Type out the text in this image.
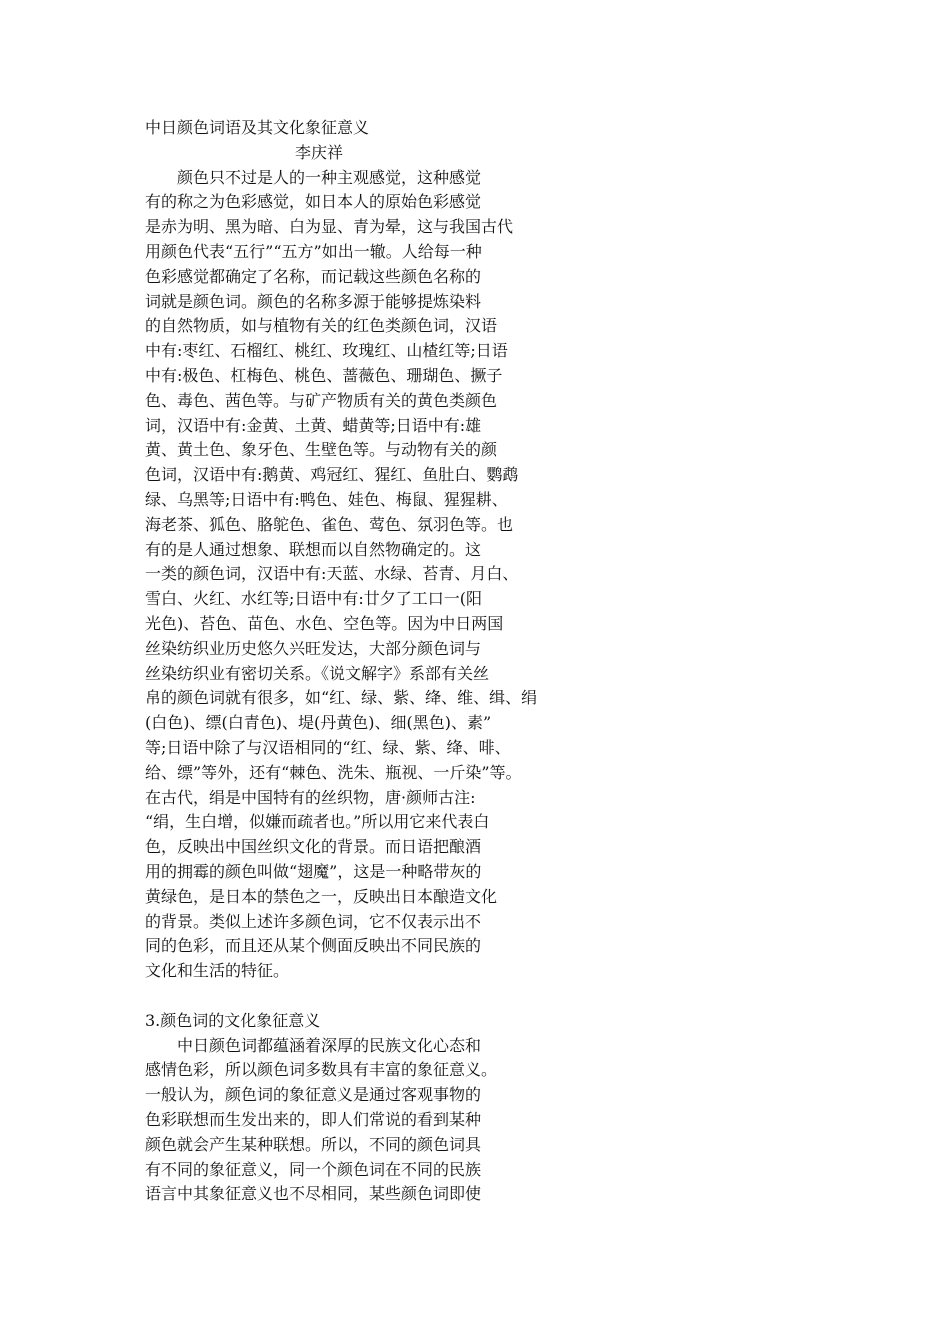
中日颜色词语及其文化象征意义
李庆祥
颜色只不过是人的一种主观感觉，这种感觉
有的称之为色彩感觉，如日本人的原始色彩感觉
是赤为明、黑为暗、白为显、青为晕，这与我国古代
用颜色代表“五行”“五方”如出一辙。人给每一种
色彩感觉都确定了名称，而记载这些颜色名称的
词就是颜色词。颜色的名称多源于能够提炼染料
的自然物质，如与植物有关的红色类颜色词，汉语
中有:枣红、石榴红、桃红、玫瑰红、山楂红等;日语
中有:极色、杠梅色、桃色、蔷薇色、珊瑚色、撅子
色、毒色、茜色等。与矿产物质有关的黄色类颜色
词，汉语中有:金黄、土黄、蜡黄等;日语中有:雄
黄、黄土色、象牙色、生壁色等。与动物有关的颜
色词，汉语中有:鹅黄、鸡冠红、猩红、鱼肚白、鹦鹉
绿、乌黑等;日语中有:鸭色、娃色、梅鼠、猩猩耕、
海老茶、狐色、胳鸵色、雀色、莺色、氛羽色等。也
有的是人通过想象、联想而以自然物确定的。这
一类的颜色词，汉语中有:天蓝、水绿、苔青、月白、
雪白、火红、水红等;日语中有:廿夕了工口一(阳
光色)、苔色、苗色、水色、空色等。因为中日两国
丝染纺织业历史悠久兴旺发达，大部分颜色词与
丝染纺织业有密切关系。《说文解字》系部有关丝
帛的颜色词就有很多，如“红、绿、紫、绛、维、缉、绢
(白色)、缥(白青色)、堤(丹黄色)、细(黑色)、素”
等;日语中除了与汉语相同的“红、绿、紫、绛、啡、
给、缥”等外，还有“棘色、洗朱、瓶视、一斤染”等。
在古代，绢是中国特有的丝织物，唐·颜师古注:
“绢，生白增，似嫌而疏者也。”所以用它来代表白
色，反映出中国丝织文化的背景。而日语把酿酒
用的拥霉的颜色叫做“翅魔”，这是一种略带灰的
黄绿色，是日本的禁色之一，反映出日本酿造文化
的背景。类似上述许多颜色词，它不仅表示出不
同的色彩，而且还从某个侧面反映出不同民族的
文化和生活的特征。
3.颜色词的文化象征意义
中日颜色词都蕴涵着深厚的民族文化心态和
感情色彩，所以颜色词多数具有丰富的象征意义。
一般认为，颜色词的象征意义是通过客观事物的
色彩联想而生发出来的，即人们常说的看到某种
颜色就会产生某种联想。所以，不同的颜色词具
有不同的象征意义，同一个颜色词在不同的民族
语言中其象征意义也不尽相同，某些颜色词即使
